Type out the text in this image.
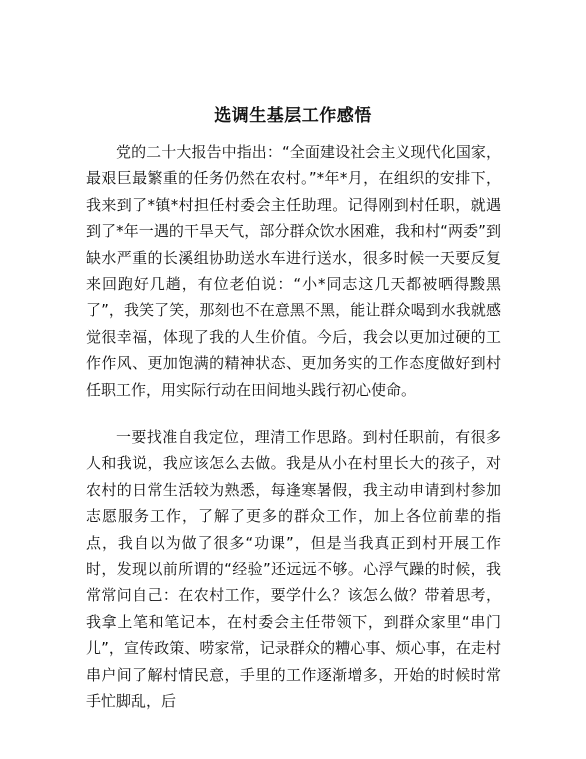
选调生基层工作感悟

党的二十大报告中指出：“全面建设社会主义现代化国家，最艰巨最繁重的任务仍然在农村。”*年*月，在组织的安排下，我来到了*镇*村担任村委会主任助理。记得刚到村任职，就遇到了*年一遇的干旱天气，部分群众饮水困难，我和村“两委”到缺水严重的长溪组协助送水车进行送水，很多时候一天要反复来回跑好几趟，有位老伯说：“小*同志这几天都被晒得黢黑了”，我笑了笑，那刻也不在意黑不黑，能让群众喝到水我就感觉很幸福，体现了我的人生价值。今后，我会以更加过硬的工作作风、更加饱满的精神状态、更加务实的工作态度做好到村任职工作，用实际行动在田间地头践行初心使命。

一要找准自我定位，理清工作思路。到村任职前，有很多人和我说，我应该怎么去做。我是从小在村里长大的孩子，对农村的日常生活较为熟悉，每逢寒暑假，我主动申请到村参加志愿服务工作，了解了更多的群众工作，加上各位前辈的指点，我自以为做了很多“功课”，但是当我真正到村开展工作时，发现以前所谓的“经验”还远远不够。心浮气躁的时候，我常常问自己：在农村工作，要学什么？该怎么做？带着思考，我拿上笔和笔记本，在村委会主任带领下，到群众家里“串门儿”，宣传政策、唠家常，记录群众的糟心事、烦心事，在走村串户间了解村情民意，手里的工作逐渐增多，开始的时候时常手忙脚乱，后
